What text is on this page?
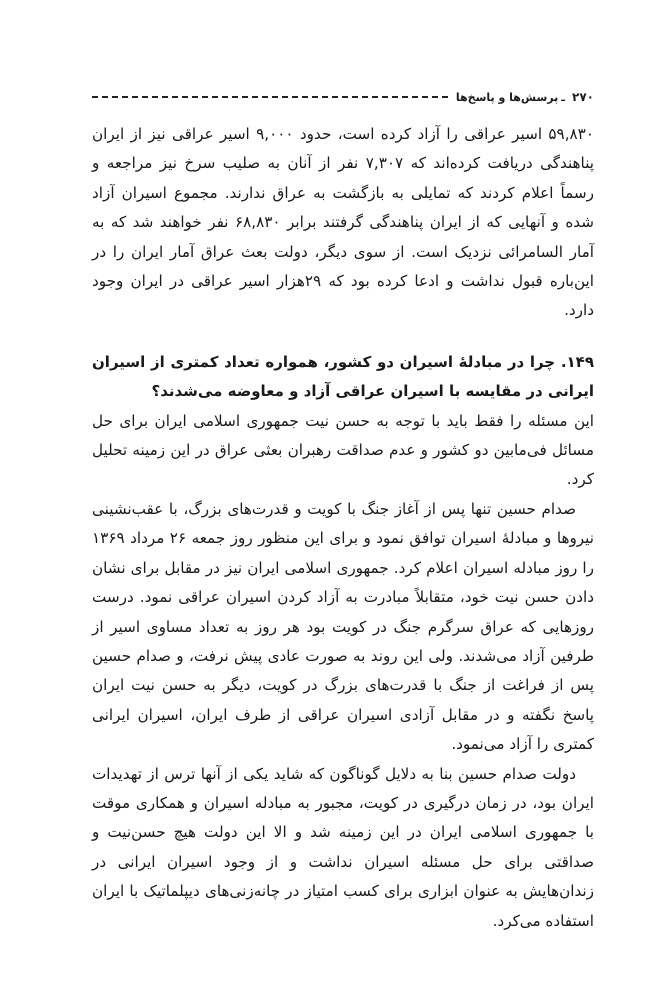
۲۷۰
ـ
پرسش‌ها و پاسخ‌ها

۵۹,۸۳۰ اسیر عراقی را آزاد کرده است، حدود ۹,۰۰۰ اسیر عراقی نیز از ایران پناهندگی دریافت کرده‌اند که ۷,۳۰۷ نفر از آنان به صلیب سرخ نیز مراجعه و رسماً اعلام کردند که تمایلی به بازگشت به عراق ندارند. مجموع اسیران آزاد شده و آنهایی که از ایران پناهندگی گرفتند برابر ۶۸,۸۳۰ نفر خواهند شد که به آمار السامرائی نزدیک است. از سوی دیگر، دولت بعث عراق آمار ایران را در این‌باره قبول نداشت و ادعا کرده بود که ۲۹هزار اسیر عراقی در ایران وجود دارد.

۱۴۹. چرا در مبادلهٔ اسیران دو کشور، همواره تعداد کمتری از اسیران ایرانی در مقایسه با اسیران عراقی آزاد و معاوضه می‌شدند؟

این مسئله را فقط باید با توجه به حسن نیت جمهوری اسلامی ایران برای حل مسائل فی‌مابین دو کشور و عدم صداقت رهبران بعثی عراق در این زمینه تحلیل کرد.

صدام حسین تنها پس از آغاز جنگ با کویت و قدرت‌های بزرگ، با عقب‌نشینی نیروها و مبادلهٔ اسیران توافق نمود و برای این منظور روز جمعه ۲۶ مرداد ۱۳۶۹ را روز مبادله اسیران اعلام کرد. جمهوری اسلامی ایران نیز در مقابل برای نشان دادن حسن نیت خود، متقابلاً مبادرت به آزاد کردن اسیران عراقی نمود. درست روزهایی که عراق سرگرم جنگ در کویت بود هر روز به تعداد مساوی اسیر از طرفین آزاد می‌شدند. ولی این روند به صورت عادی پیش نرفت، و صدام حسین پس از فراغت از جنگ با قدرت‌های بزرگ در کویت، دیگر به حسن نیت ایران پاسخ نگفته و در مقابل آزادی اسیران عراقی از طرف ایران، اسیران ایرانی کمتری را آزاد می‌نمود.

دولت صدام حسین بنا به دلایل گوناگون که شاید یکی از آنها ترس از تهدیدات ایران بود، در زمان درگیری در کویت، مجبور به مبادله اسیران و همکاری موقت با جمهوری اسلامی ایران در این زمینه شد و الا این دولت هیچ حسن‌نیت و صداقتی برای حل مسئله اسیران نداشت و از وجود اسیران ایرانی در زندان‌هایش به عنوان ابزاری برای کسب امتیاز در چانه‌زنی‌های دیپلماتیک با ایران استفاده می‌کرد.
